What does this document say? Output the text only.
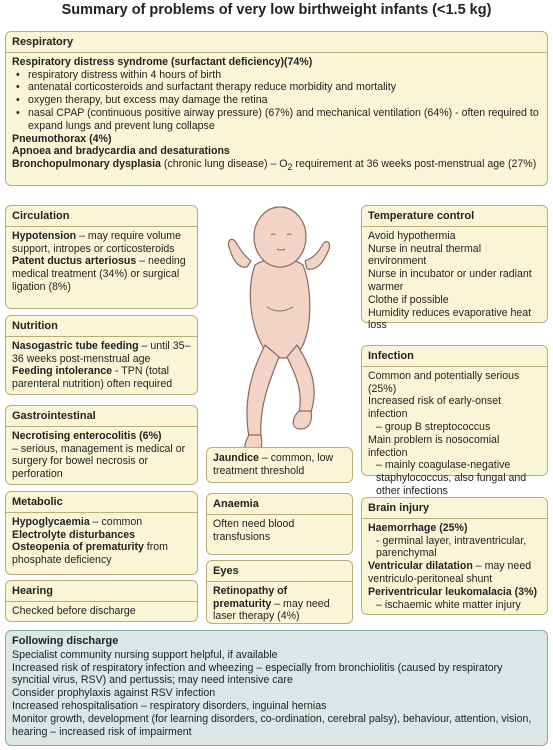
Summary of problems of very low birthweight infants (<1.5 kg)
Respiratory
Respiratory distress syndrome (surfactant deficiency)(74%)
• respiratory distress within 4 hours of birth
• antenatal corticosteroids and surfactant therapy reduce morbidity and mortality
• oxygen therapy, but excess may damage the retina
• nasal CPAP (continuous positive airway pressure) (67%) and mechanical ventilation (64%) - often required to expand lungs and prevent lung collapse
Pneumothorax (4%)
Apnoea and bradycardia and desaturations
Bronchopulmonary dysplasia (chronic lung disease) – $O_2$ requirement at 36 weeks post-menstrual age (27%)
Circulation
Hypotension – may require volume support, intropes or corticosteroids
Patent ductus arteriosus – needing medical treatment (34%) or surgical ligation (8%)
Nutrition
Nasogastric tube feeding – until 35–36 weeks post-menstrual age
Feeding intolerance - TPN (total parenteral nutrition) often required
Gastrointestinal
Necrotising enterocolitis (6%)
– serious, management is medical or surgery for bowel necrosis or perforation
Metabolic
Hypoglycaemia – common
Electrolyte disturbances
Osteopenia of prematurity from phosphate deficiency
Hearing
Checked before discharge
Jaundice – common, low treatment threshold
Anaemia
Often need blood transfusions
Eyes
Retinopathy of prematurity – may need laser therapy (4%)
Temperature control
Avoid hypothermia
Nurse in neutral thermal environment
Nurse in incubator or under radiant warmer
Clothe if possible
Humidity reduces evaporative heat loss
Infection
Common and potentially serious (25%)
Increased risk of early-onset infection
– group B streptococcus
Main problem is nosocomial infection
– mainly coagulase-negative staphylococcus, also fungal and other infections
Brain injury
Haemorrhage (25%)
- germinal layer, intraventricular, parenchymal
Ventricular dilatation – may need ventriculo-peritoneal shunt
Periventricular leukomalacia (3%)
– ischaemic white matter injury
Following discharge
Specialist community nursing support helpful, if available
Increased risk of respiratory infection and wheezing – especially from bronchiolitis (caused by respiratory syncitial virus, RSV) and pertussis; may need intensive care
Consider prophylaxis against RSV infection
Increased rehospitalisation – respiratory disorders, inguinal hernias
Monitor growth, development (for learning disorders, co-ordination, cerebral palsy), behaviour, attention, vision, hearing – increased risk of impairment
